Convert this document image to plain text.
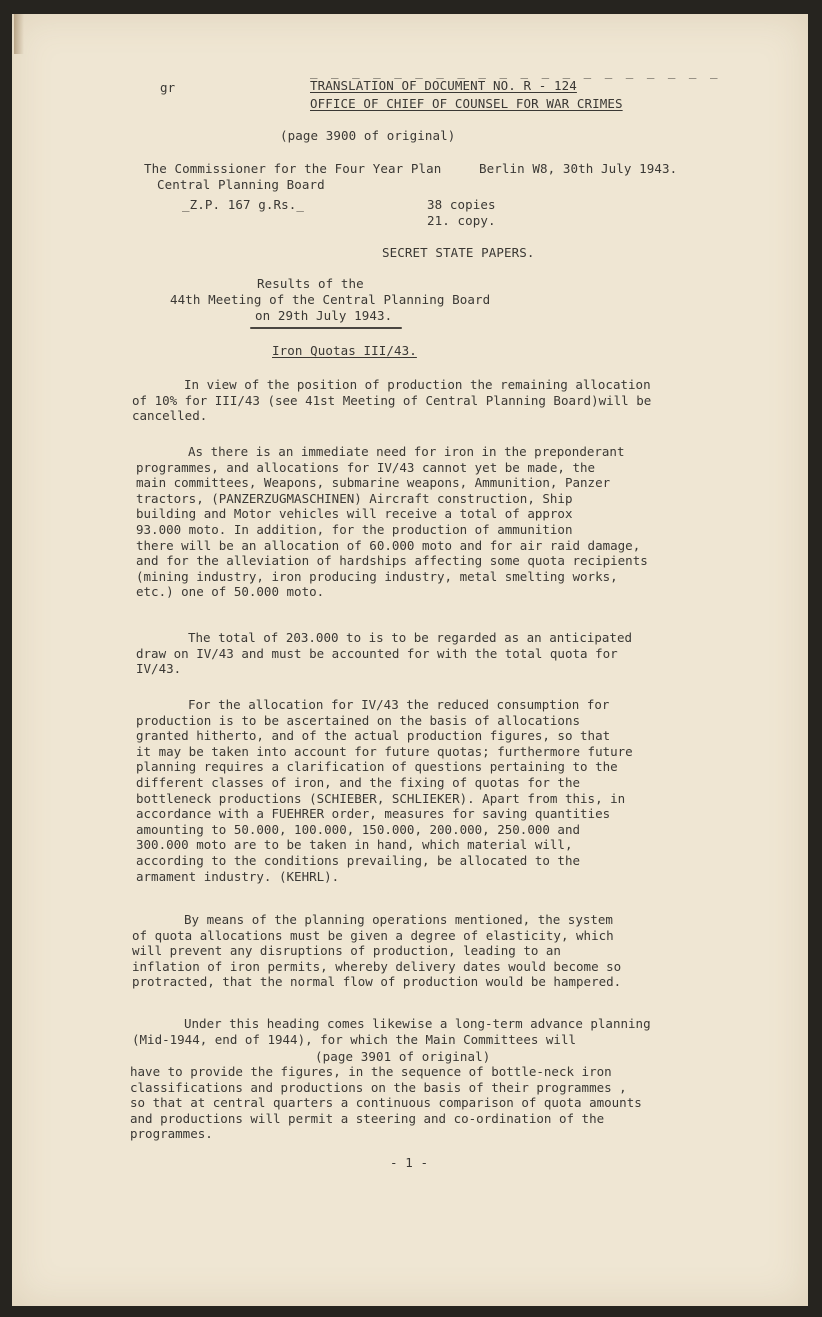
_ _ _ _ _ _ _ _ _ _ _ _ _ _ _ _ _ _ _ _
gr	TRANSLATION OF DOCUMENT NO. R - 124
OFFICE OF CHIEF OF COUNSEL FOR WAR CRIMES
(page 3900 of original)
The Commissioner for the Four Year Plan	Berlin W8, 30th July 1943.
Central Planning Board
_Z.P. 167 g.Rs._	38 copies
21. copy.
SECRET STATE PAPERS.
Results of the
44th Meeting of the Central Planning Board
on 29th July 1943.
Iron Quotas III/43.
In view of the position of production the remaining allocation
of 10% for III/43 (see 41st Meeting of Central Planning Board)will be
cancelled.
As there is an immediate need for iron in the preponderant
programmes, and allocations for IV/43 cannot yet be made, the
main committees, Weapons, submarine weapons, Ammunition, Panzer
tractors, (PANZERZUGMASCHINEN) Aircraft construction, Ship
building and Motor vehicles will receive a total of approx
93.000 moto. In addition, for the production of ammunition
there will be an allocation of 60.000 moto and for air raid damage,
and for the alleviation of hardships affecting some quota recipients
(mining industry, iron producing industry, metal smelting works,
etc.) one of 50.000 moto.
The total of 203.000 to is to be regarded as an anticipated
draw on IV/43 and must be accounted for with the total quota for
IV/43.
For the allocation for IV/43 the reduced consumption for
production is to be ascertained on the basis of allocations
granted hitherto, and of the actual production figures, so that
it may be taken into account for future quotas; furthermore future
planning requires a clarification of questions pertaining to the
different classes of iron, and the fixing of quotas for the
bottleneck productions (SCHIEBER, SCHLIEKER). Apart from this, in
accordance with a FUEHRER order, measures for saving quantities
amounting to 50.000, 100.000, 150.000, 200.000, 250.000 and
300.000 moto are to be taken in hand, which material will,
according to the conditions prevailing, be allocated to the
armament industry. (KEHRL).
By means of the planning operations mentioned, the system
of quota allocations must be given a degree of elasticity, which
will prevent any disruptions of production, leading to an
inflation of iron permits, whereby delivery dates would become so
protracted, that the normal flow of production would be hampered.
Under this heading comes likewise a long-term advance planning
(Mid-1944, end of 1944), for which the Main Committees will
(page 3901 of original)
have to provide the figures, in the sequence of bottle-neck iron
classifications and productions on the basis of their programmes ,
so that at central quarters a continuous comparison of quota amounts
and productions will permit a steering and co-ordination of the
programmes.
- 1 -
